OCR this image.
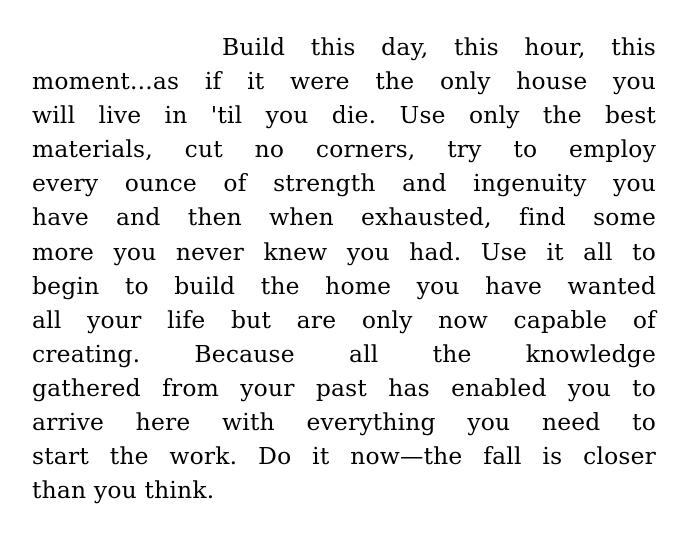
Build this day, this hour, this
moment...as if it were the only house you
will live in 'til you die. Use only the best
materials, cut no corners, try to employ
every ounce of strength and ingenuity you
have and then when exhausted, find some
more you never knew you had. Use it all to
begin to build the home you have wanted
all your life but are only now capable of
creating. Because all the knowledge
gathered from your past has enabled you to
arrive here with everything you need to
start the work. Do it now—the fall is closer
than you think.
